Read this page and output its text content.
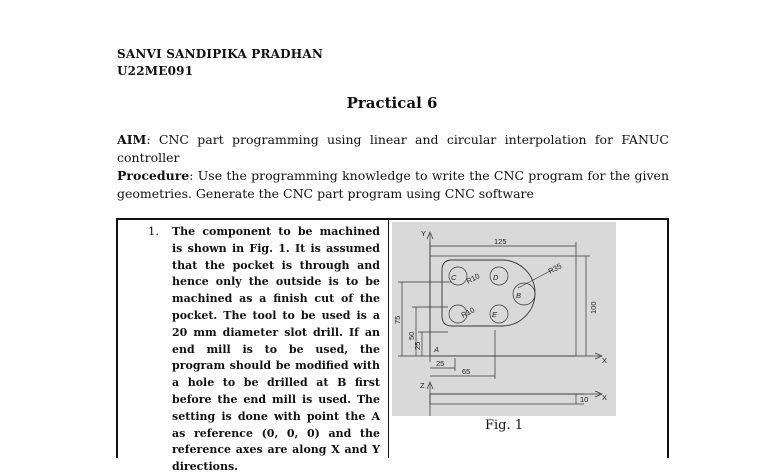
SANVI SANDIPIKA PRADHAN
U22ME091
Practical 6
AIM: CNC part programming using linear and circular interpolation for FANUC controller
Procedure: Use the programming knowledge to write the CNC program for the given geometries. Generate the CNC part program using CNC software
1. The component to be machined is shown in Fig. 1. It is assumed that the pocket is through and hence only the outside is to be machined as a finish cut of the pocket. The tool to be used is a 20 mm diameter slot drill. If an end mill is to be used, the program should be modified with a hole to be drilled at B first before the end mill is used. The setting is done with point the A as reference (0, 0, 0) and the reference axes are along X and Y directions.
Y
X
X
Z
125
100
75
50
25
25
65
10
R35
R10
R10
A
B
C	D
E
Fig. 1
